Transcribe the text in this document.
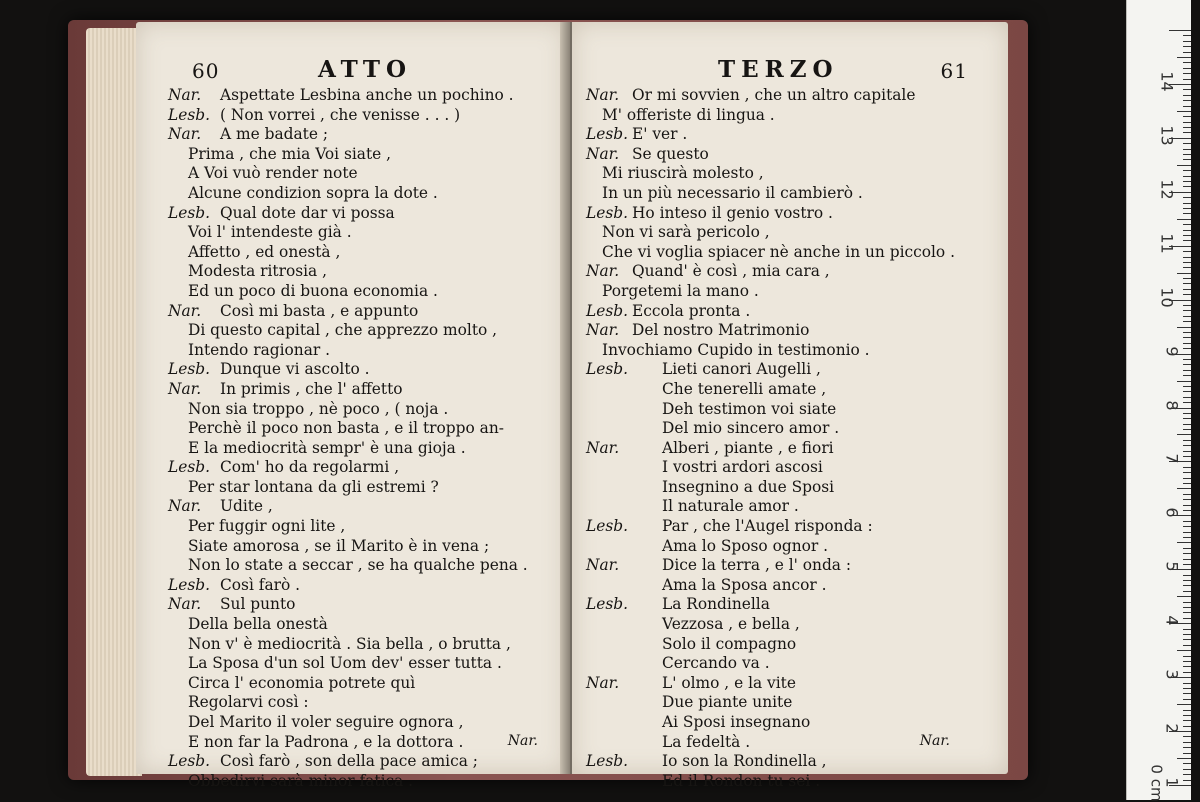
60	ATTO
Nar. Aspettate Lesbina anche un pochino .
Lesb. ( Non vorrei , che venisse . . . )
Nar. A me badate ;
Prima , che mia Voi siate ,
A Voi vuò render note
Alcune condizion sopra la dote .
Lesb. Qual dote dar vi possa
Voi l' intendeste già .
Affetto , ed onestà ,
Modesta ritrosia ,
Ed un poco di buona economia .
Nar. Così mi basta , e appunto
Di questo capital , che apprezzo molto ,
Intendo ragionar .
Lesb. Dunque vi ascolto .
Nar. In primis , che l' affetto
Non sia troppo , nè poco , ( noja .
Perchè il poco non basta , e il troppo an-
E la mediocrità sempr' è una gioja .
Lesb. Com' ho da regolarmi ,
Per star lontana da gli estremi ?
Nar. Udite ,
Per fuggir ogni lite ,
Siate amorosa , se il Marito è in vena ;
Non lo state a seccar , se ha qualche pena .
Lesb. Così farò .
Nar. Sul punto
Della bella onestà
Non v' è mediocrità . Sia bella , o brutta ,
La Sposa d'un sol Uom dev' esser tutta .
Circa l' economia potrete quì
Regolarvi così :
Del Marito il voler seguire ognora ,
E non far la Padrona , e la dottora .
Lesb. Così farò , son della pace amica ;
Obbedirvi sarà minor fatica .
Nar.
TERZO	61
Nar. Or mi sovvien , che un altro capitale
M' offeriste di lingua .
Lesb. E' ver .
Nar. Se questo
Mi riuscirà molesto ,
In un più necessario il cambierò .
Lesb. Ho inteso il genio vostro .
Non vi sarà pericolo ,
Che vi voglia spiacer nè anche in un piccolo .
Nar. Quand' è così , mia cara ,
Porgetemi la mano .
Lesb. Eccola pronta .
Nar. Del nostro Matrimonio
Invochiamo Cupido in testimonio .
Lesb. Lieti canori Augelli ,
Che tenerelli amate ,
Deh testimon voi siate
Del mio sincero amor .
Nar.	Alberi , piante , e fiori
I vostri ardori ascosi
Insegnino a due Sposi
Il naturale amor .
Lesb. Par , che l'Augel risponda :
Ama lo Sposo ognor .
Nar.	Dice la terra , e l' onda :
Ama la Sposa ancor .
Lesb. La Rondinella
Vezzosa , e bella ,
Solo il compagno
Cercando va .
Nar.	L' olmo , e la vite
Due piante unite
Ai Sposi insegnano
La fedeltà .
Lesb. Io son la Rondinella ,
Ed il Rondon tu sei .
Nar.
0 cm
14
13
12
11
10
9
8
7
6
5
4
3
2
1
